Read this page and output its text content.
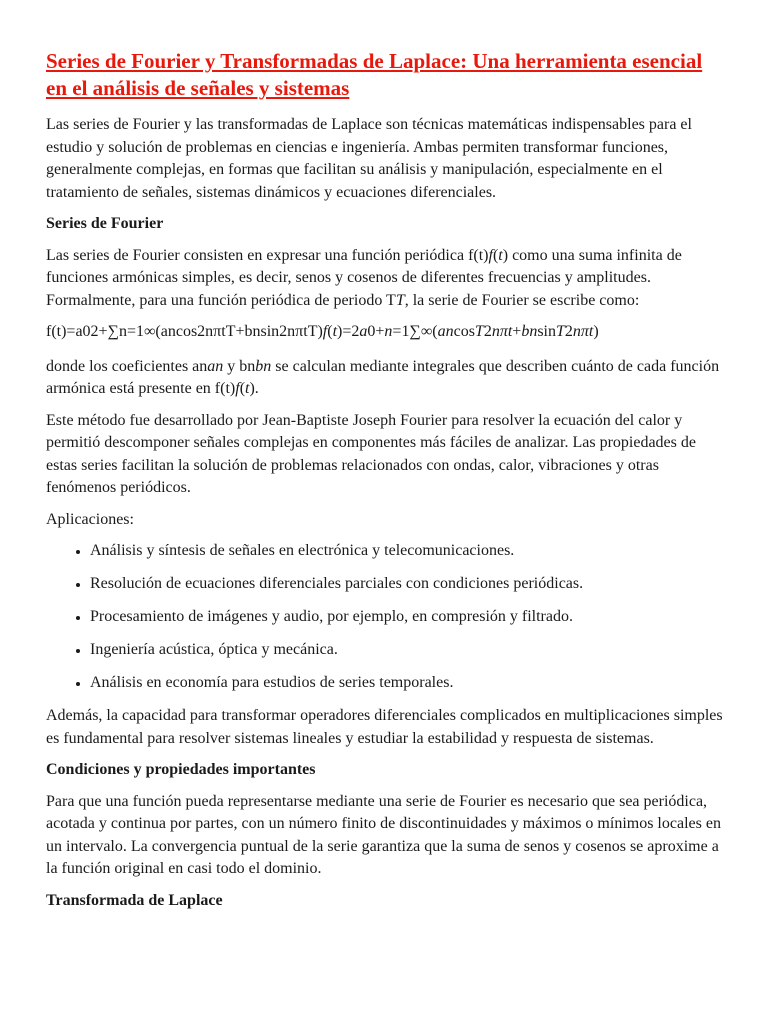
Series de Fourier y Transformadas de Laplace: Una herramienta esencial en el análisis de señales y sistemas

Las series de Fourier y las transformadas de Laplace son técnicas matemáticas indispensables para el estudio y solución de problemas en ciencias e ingeniería. Ambas permiten transformar funciones, generalmente complejas, en formas que facilitan su análisis y manipulación, especialmente en el tratamiento de señales, sistemas dinámicos y ecuaciones diferenciales.

Series de Fourier

Las series de Fourier consisten en expresar una función periódica f(t)f(t) como una suma infinita de funciones armónicas simples, es decir, senos y cosenos de diferentes frecuencias y amplitudes. Formalmente, para una función periódica de periodo TT, la serie de Fourier se escribe como:

f(t)=a02+∑n=1∞(ancos2nπtT+bnsin2nπtT)f(t)=2a0+n=1∑∞(ancosT2nπt+bnsinT2nπt)

donde los coeficientes anan y bnbn se calculan mediante integrales que describen cuánto de cada función armónica está presente en f(t)f(t).

Este método fue desarrollado por Jean-Baptiste Joseph Fourier para resolver la ecuación del calor y permitió descomponer señales complejas en componentes más fáciles de analizar. Las propiedades de estas series facilitan la solución de problemas relacionados con ondas, calor, vibraciones y otras fenómenos periódicos.

Aplicaciones:

• Análisis y síntesis de señales en electrónica y telecomunicaciones.
• Resolución de ecuaciones diferenciales parciales con condiciones periódicas.
• Procesamiento de imágenes y audio, por ejemplo, en compresión y filtrado.
• Ingeniería acústica, óptica y mecánica.
• Análisis en economía para estudios de series temporales.

Además, la capacidad para transformar operadores diferenciales complicados en multiplicaciones simples es fundamental para resolver sistemas lineales y estudiar la estabilidad y respuesta de sistemas.

Condiciones y propiedades importantes

Para que una función pueda representarse mediante una serie de Fourier es necesario que sea periódica, acotada y continua por partes, con un número finito de discontinuidades y máximos o mínimos locales en un intervalo. La convergencia puntual de la serie garantiza que la suma de senos y cosenos se aproxime a la función original en casi todo el dominio.

Transformada de Laplace
